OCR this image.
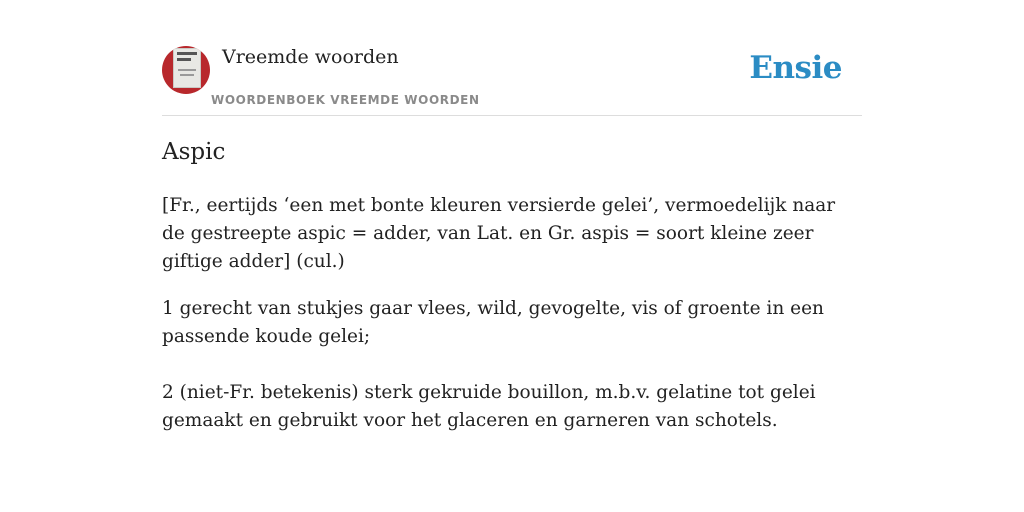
Vreemde woorden
WOORDENBOEK VREEMDE WOORDEN
Ensie
Aspic

[Fr., eertijds ‘een met bonte kleuren versierde gelei’, vermoedelijk naar de gestreepte aspic = adder, van Lat. en Gr. aspis = soort kleine zeer giftige adder] (cul.)

1 gerecht van stukjes gaar vlees, wild, gevogelte, vis of groente in een passende koude gelei;

2 (niet-Fr. betekenis) sterk gekruide bouillon, m.b.v. gelatine tot gelei gemaakt en gebruikt voor het glaceren en garneren van schotels.
